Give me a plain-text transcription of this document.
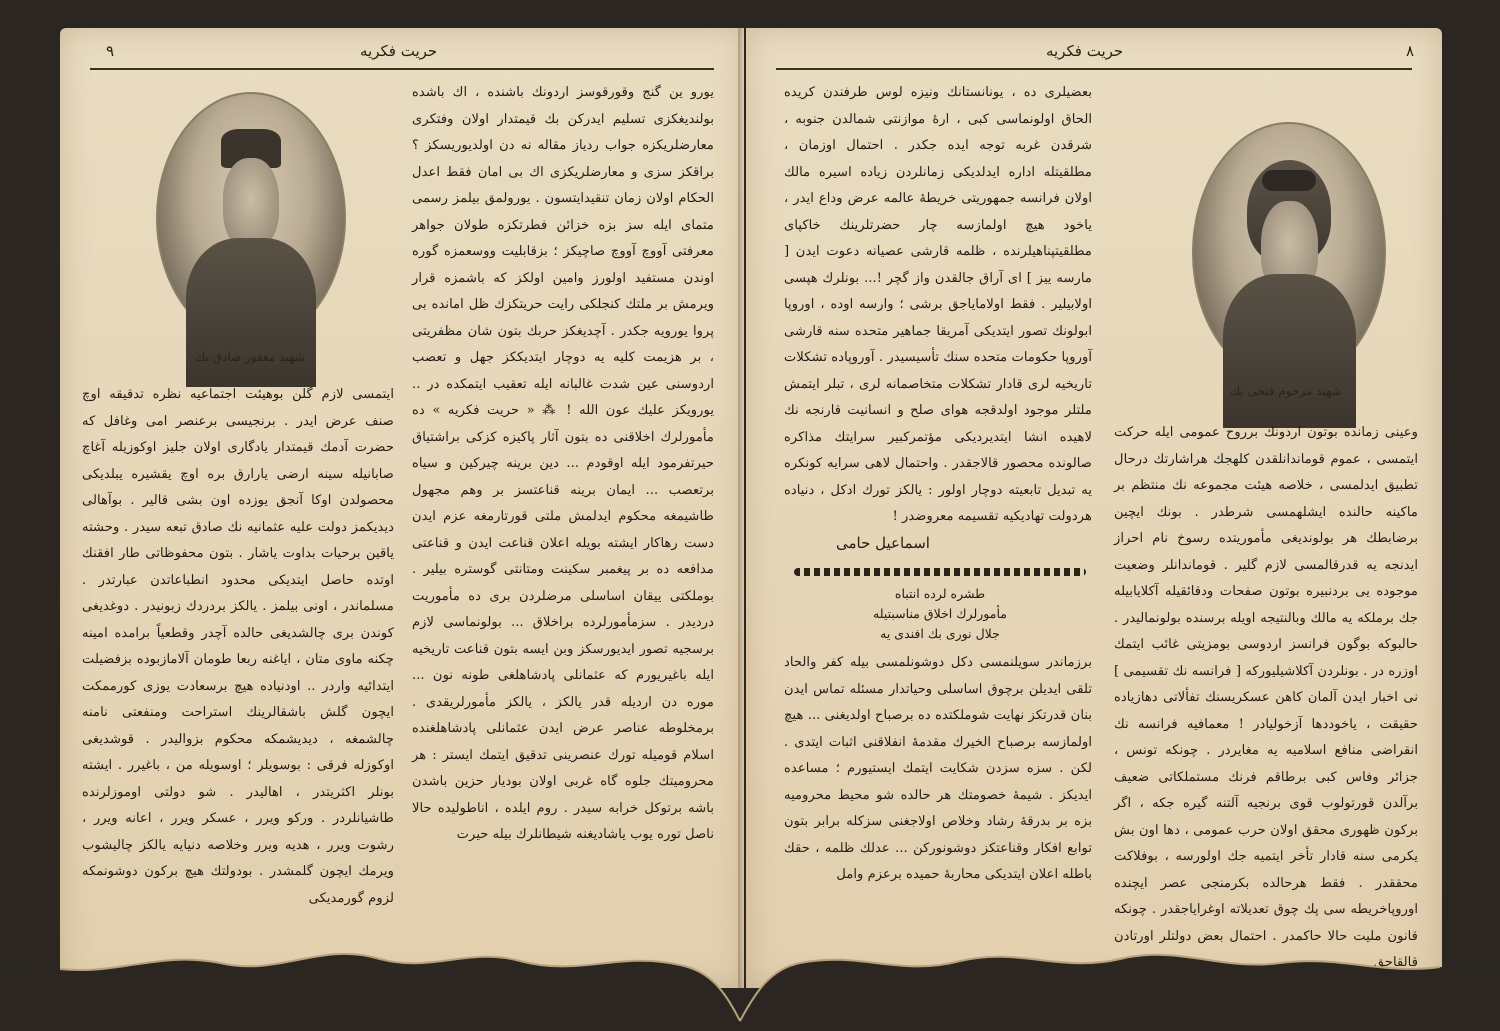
٩	حریت فکریه
شهید مغفور صادق بك
ایتمسی لازم گلن بوهیئت اجتماعیه نظره تدقیقه اوچ صنف عرض ایدر . برنجیسی برعنصر امی وغافل که حضرت آدمك قیمتدار یادگاری اولان جلیز اوکوزیله آغاچ صابانیله سینه ارضی یارارق بره اوچ یقشیره یبلدیکی محصولدن اوکا آنجق یوزده اون بشی قالیر . بوآهالی دیدیکمز دولت علیه عثمانیه نك صادق تبعه سیدر . وحشته یاقین برحیات بداوت یاشار . بتون محفوظاتی طار افقنك اوتده حاصل ایتدیکی محدود انطباعاتدن عبارتدر . مسلماندر ، اونی بیلمز . یالکز بردردك زبونیدر . دوغدیغی کوندن بری چالشدیغی حالده آچدر وقطعیاً برامده امینه چکنه ماوی متان ، ایاغنه ربعا طومان آلامازبوده بزفضیلت ایتدائیه واردر .. اودنیاده هیچ برسعادت یوزی کورممکت ایچون گلش باشقالرینك استراحت ومنفعتی نامنه چالشمغه ، دیدیشمکه محکوم بزوالیدر . قوشدیغی اوکوزله فرقی : بوسویلر ؛ اوسویله من ، باغیرر . ایشته بونلر اکثریتدر ، اهالیدر . شو دولتی اوموزلرنده طاشیانلردر . ورکو ویرر ، عسکر ویرر ، اعانه ویرر ، رشوت ویرر ، هدیه ویرر وخلاصه دنیایه یالکز چالیشوب ویرمك ایچون گلمشدر . بودولتك هیچ برکون دوشونمکه لزوم گورمدیکی
یورو ین گنج وقورقوسز اردونك باشنده ، اك باشده بولندیغکزی تسلیم ایدرکن بك قیمتدار اولان وفتکری معارضلریکزه جواب ردیاز مقاله نه دن اولدیوریسکز ؟ براقکز سزی و معارضلریکزی اك بی امان فقط اعدل الحکام اولان زمان تنقیدایتسون . یورولمق بیلمز رسمی متمای ایله سز بزه خزائن فطرتکزه طولان جواهر معرفتی آووچ آووچ صاچیکز ؛ بزقابلیت ووسعمزه گوره اوندن مستفید اولورز وامین اولکز که باشمزه قرار ویرمش بر ملتك کنجلکی رایت حریتکزك ظل امانده بی پروا یورویه جکدر . آچدیغکز حربك بتون شان مظفریتی ، بر هزیمت کلیه یه دوچار ایتدیککز جهل و تعصب اردوسنی عین شدت غالبانه ایله تعقیب ایتمکده در .. یورویکز علیك عون الله ! ⁂ « حریت فکریه » ده مأمورلرك اخلاقنی ده بتون آثار پاکیزه کزکی براشتیاق حیرتفرمود ایله اوقودم ... دین برینه چیرکین و سیاه برتعصب ... ایمان برینه قناعتسز بر وهم مجهول طاشیمغه محکوم ایدلمش ملتی قورتارمغه عزم ایدن دست رهاکار ایشته بویله اعلان قناعت ایدن و قناعتی مدافعه ده بر پیغمبر سکینت ومتانتی گوستره بیلیر . بوملکتی ییقان اساسلی مرضلردن بری ده مأموریت دردیدر . سزمأمورلرده براخلاق ... بولونماسی لازم برسجیه تصور ایدیورسکز وبن ایسه بتون قناعت تاریخیه ایله باغیریورم که عثمانلی پادشاهلغی طونه نون ... موره دن اردیله قدر یالکز ، یالکز مأمورلریقدی . برمخلوطه عناصر عرض ایدن عثمانلی پادشاهلغنده اسلام قومیله تورك عنصرینی تدقیق ایتمك ایستر : هر محرومیتك جلوه گاه غربی اولان بودیار حزین باشدن باشه برتوکل خرابه سیدر . روم ایلده ، اناطولیده حالا ناصل توره یوب یاشادیغنه شیطانلرك بیله حیرت
حریت فکریه	٨
بعضیلری ده ، یونانستانك ونیزه لوس طرفندن کریده الحاق اولونماسی کبی ، ارهٔ موازنتی شمالدن جنوبه ، شرقدن غربه توجه ایده جکدر . احتمال اوزمان ، مطلقیتله اداره ایدلدیکی زمانلردن زیاده اسیره مالك اولان فرانسه جمهوریتی خریطهٔ عالمه عرض وداع ایدر ، یاخود هیچ اولمازسه چار حضرتلرینك خاکپای مطلقیتپناهیلرنده ، ظلمه قارشی عصیانه دعوت ایدن [ مارسه ییز ] ای آراق جالقدن واز گچر !... بونلرك هپسی اولابیلیر . فقط اولامایاجق برشی ؛ وارسه اوده ، اوروپا ابولونك تصور ایتدیکی آمریقا جماهیر متحده سنه قارشی آوروپا حکومات متحده سنك تأسیسیدر . آوروپاده تشکلات تاریخیه لری قادار تشکلات متخاصمانه لری ، تبلر ایتمش ملتلر موجود اولدقجه هوای صلح و انسانیت قارنجه نك لاهیده انشا ایتدیردیکی مؤتمرکبیر سرایتك مذاکره صالونده محصور قالاجقدر . واحتمال لاهی سرایه کونکره یه تبدیل تابعیته دوچار اولور : یالکز تورك ادکل ، دنیاده هردولت تهادیکیه تقسیمه معروضدر !
اسماعیل حامی
طشره لرده انتباه
مأمورلرك اخلاق مناسبتیله
جلال نوری بك افندی یه
برزماندر سویلنمسی دکل دوشونلمسی بیله کفر والحاد تلقی ایدیلن برچوق اساسلی وحیاتدار مسئله تماس ایدن بنان قدرتکز نهایت شوملکتده ده برصباح اولدیغنی ... هیچ اولمازسه برصباح الخیرك مقدمهٔ انفلاقنی اثبات ایتدی . لکن . سزه سزدن شکایت ایتمك ایستیورم ؛ مساعده ایدیکز . شیمهٔ خصومتك هر حالده شو محیط محرومیه بزه بر بدرقهٔ رشاد وخلاص اولاجغنی سزکله برابر بتون توابع افکار وقناعتکز دوشونورکن ... عدلك ظلمه ، حقك باطله اعلان ایتدیکی محاربهٔ حمیده برعزم وامل
شهید مرحوم فتحی بك
وعینی زمانده بوتون اردونك برروح عمومی ایله حرکت ایتمسی ، عموم قوماندانلقدن کلهجك هراشارتك درحال تطبیق ایدلمسی ، خلاصه هیئت مجموعه نك منتظم بر ماکینه حالنده ایشلهمسی شرطدر . بونك ایچین برضابطك هر بولوندیغی مأموریتده رسوخ نام احراز ایدنجه یه قدرقالمسی لازم گلیر . قوماندانلر وضعیت موجوده یی بردنبیره بوتون صفحات ودقائقیله آکلایابیله جك برملکه یه مالك وبالنتیجه اویله برسنده بولونمالیدر . حالبوکه بوگون فرانسز اردوسی بومزیتی غائب ایتمك اوزره در . بونلردن آکلاشیلیورکه [ فرانسه نك تقسیمی ] نی اخبار ایدن آلمان کاهن عسکریسنك تفألاتی دهازیاده حقیقت ، یاخوددها آزخولیادر ! معمافیه فرانسه نك انقراضی منافع اسلامیه یه مغایردر . چونکه تونس ، جزائر وفاس کبی برطاقم فرنك مستملکاتی ضعیف برآلدن قورتولوب قوی برنجیه آلتنه گیره جکه ، اگر برکون ظهوری محقق اولان حرب عمومی ، دها اون بش یکرمی سنه قادار تأخر ایتمیه جك اولورسه ، بوفلاکت محققدر . فقط هرحالده بکرمنجی عصر ایچنده اوروپاخریطه سی پك چوق تعدیلاته اوغرایاجقدر . چونکه قانون ملیت حالا حاکمدر . احتمال بعض دولتلر اورتادن قالقاجق
